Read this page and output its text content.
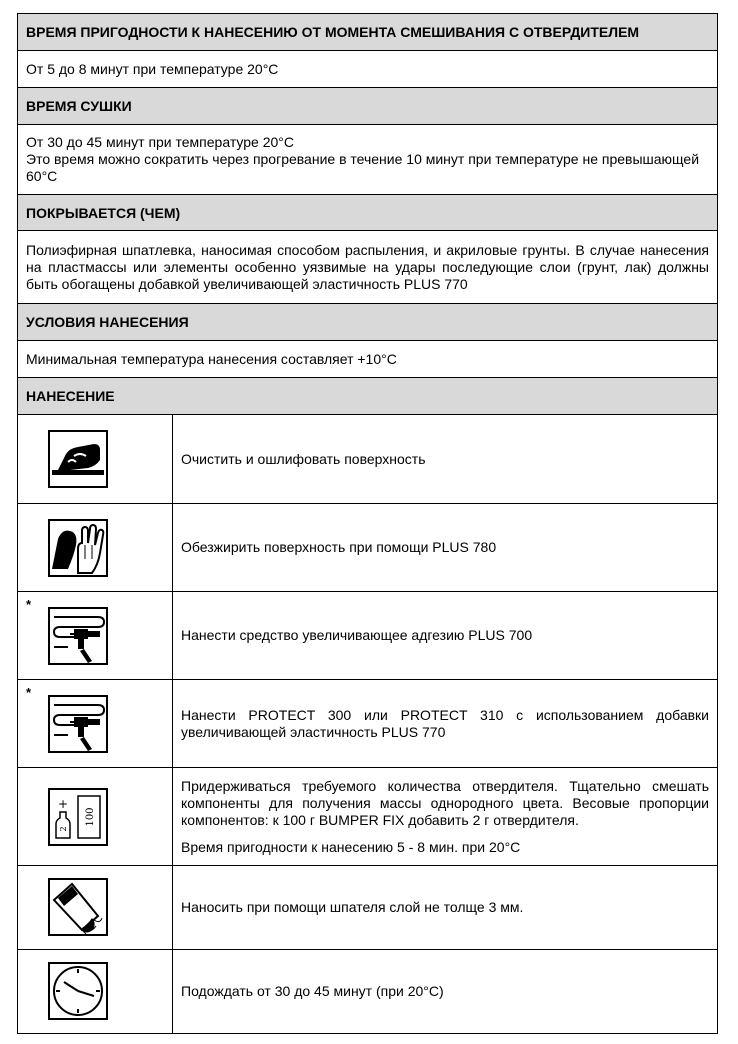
ВРЕМЯ ПРИГОДНОСТИ К НАНЕСЕНИЮ ОТ МОМЕНТА СМЕШИВАНИЯ С ОТВЕРДИТЕЛЕМ
От 5 до 8 минут при температуре 20°С
ВРЕМЯ СУШКИ
От 30 до 45 минут при температуре 20°С
Это время можно сократить через прогревание в течение 10 минут при температуре не превышающей 60°С
ПОКРЫВАЕТСЯ (ЧЕМ)
Полиэфирная шпатлевка, наносимая способом распыления, и акриловые грунты. В случае нанесения на пластмассы или элементы особенно уязвимые на удары последующие слои (грунт, лак) должны быть обогащены добавкой увеличивающей эластичность PLUS 770
УСЛОВИЯ НАНЕСЕНИЯ
Минимальная температура нанесения составляет +10°С
НАНЕСЕНИЕ
Очистить и ошлифовать поверхность
Обезжирить поверхность при помощи PLUS 780
*
Нанести средство увеличивающее адгезию PLUS 700
*
Нанести PROTECT 300 или PROTECT 310 с использованием добавки увеличивающей эластичность PLUS 770
+
2
100
Придерживаться требуемого количества отвердителя. Тщательно смешать компоненты для получения массы однородного цвета. Весовые пропорции компонентов: к 100 г BUMPER FIX добавить 2 г отвердителя.
Время пригодности к нанесению 5 - 8 мин. при 20°С
Наносить при помощи шпателя слой не толще 3 мм.
Подождать от 30 до 45 минут (при 20°С)
